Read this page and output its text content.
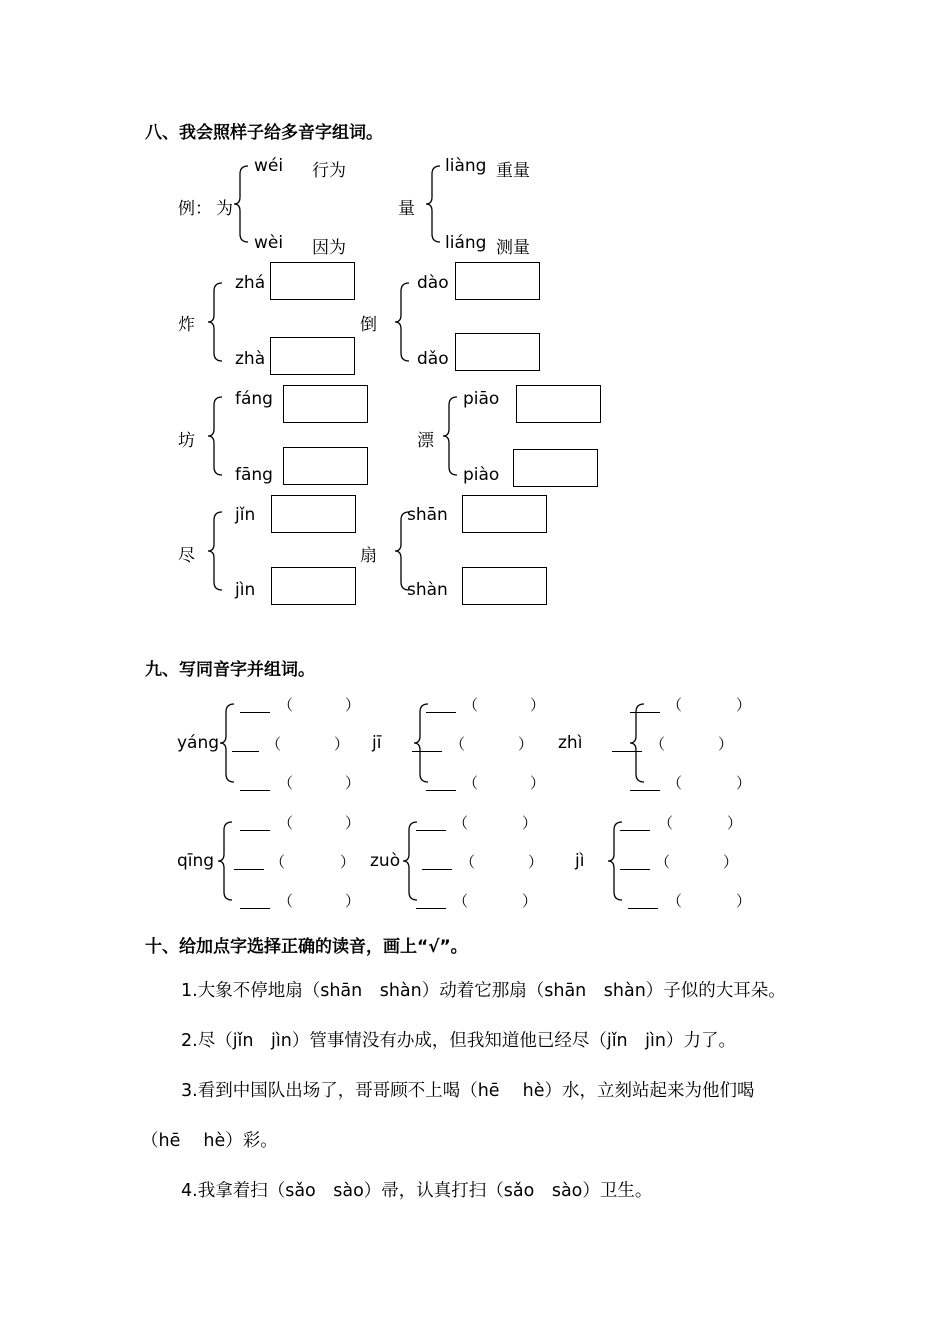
八、我会照样子给多音字组词。
例： 为
wéi 行为
wèi 因为
量
liàng 重量
liáng 测量
炸
zhá
zhà
倒
dào
dǎo
坊
fáng
fāng
漂
piāo
piào
尽
jǐn
jìn
扇
shān
shàn
九、写同音字并组词。
yáng
（	）
（	）
（	）
jī
（	）
（	）
（	）
zhì
（	）
（	）
（	）
qīng
（	）
（	）
（	）
zuò
（	）
（	）
（	）
jì
（	）
（	）
（	）
十、给加点字选择正确的读音，画上“√”。
1.大象不停地扇（shān　shàn）动着它那扇（shān　shàn）子似的大耳朵。
2.尽（jǐn　jìn）管事情没有办成，但我知道他已经尽（jǐn　jìn）力了。
3.看到中国队出场了，哥哥顾不上喝（hē　 hè）水，立刻站起来为他们喝
（hē　 hè）彩。
4.我拿着扫（sǎo　sào）帚，认真打扫（sǎo　sào）卫生。
